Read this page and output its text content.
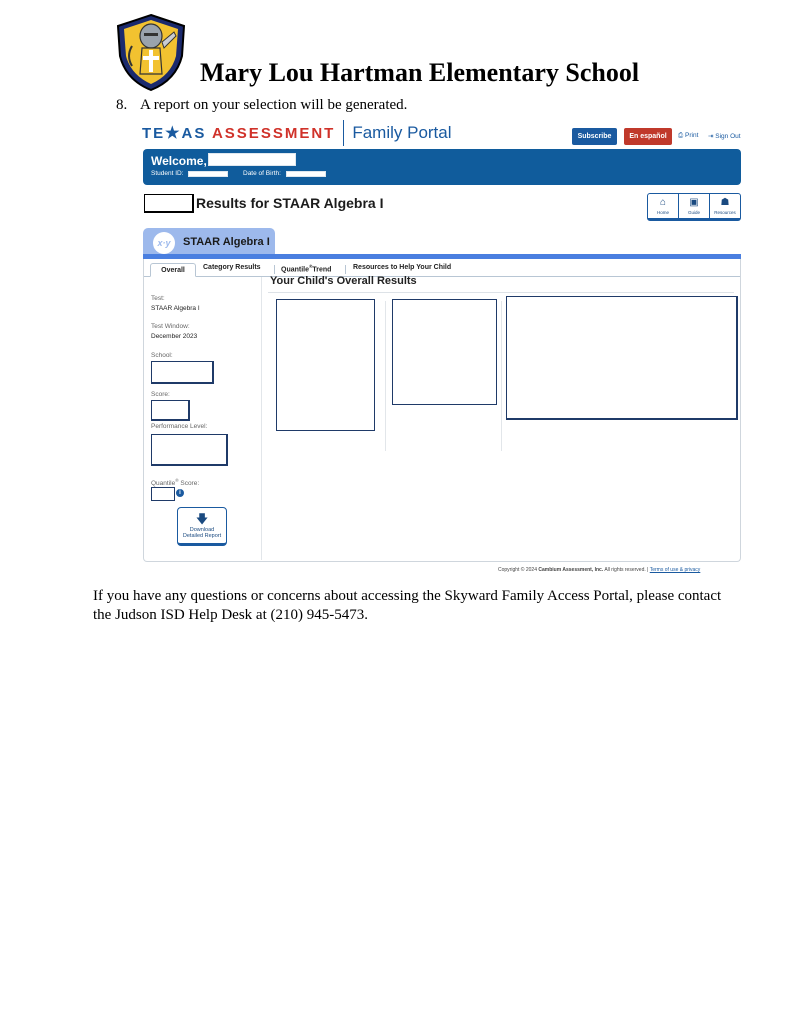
Mary Lou Hartman Elementary School
8. A report on your selection will be generated.
TE★AS ASSESSMENT Family Portal	Subscribe	En español	⎙ Print ⇥ Sign Out
Welcome,
Student ID:	Date of Birth:
Results for STAAR Algebra I	⌂
Home
▣
Guide
☗
Resources
x·y	STAAR Algebra I
Overall	Category Results	Quantile®Trend	Resources to Help Your Child
Test:
STAAR Algebra I
Test Window:
December 2023
School:
Score:
Performance Level:
Quantile® Score:
i
🡇
Download
Detailed Report
Your Child's Overall Results
Copyright © 2024 Cambium Assessment, Inc. All rights reserved. | Terms of use & privacy
If you have any questions or concerns about accessing the Skyward Family Access Portal, please contact the Judson ISD Help Desk at (210) 945-5473.
